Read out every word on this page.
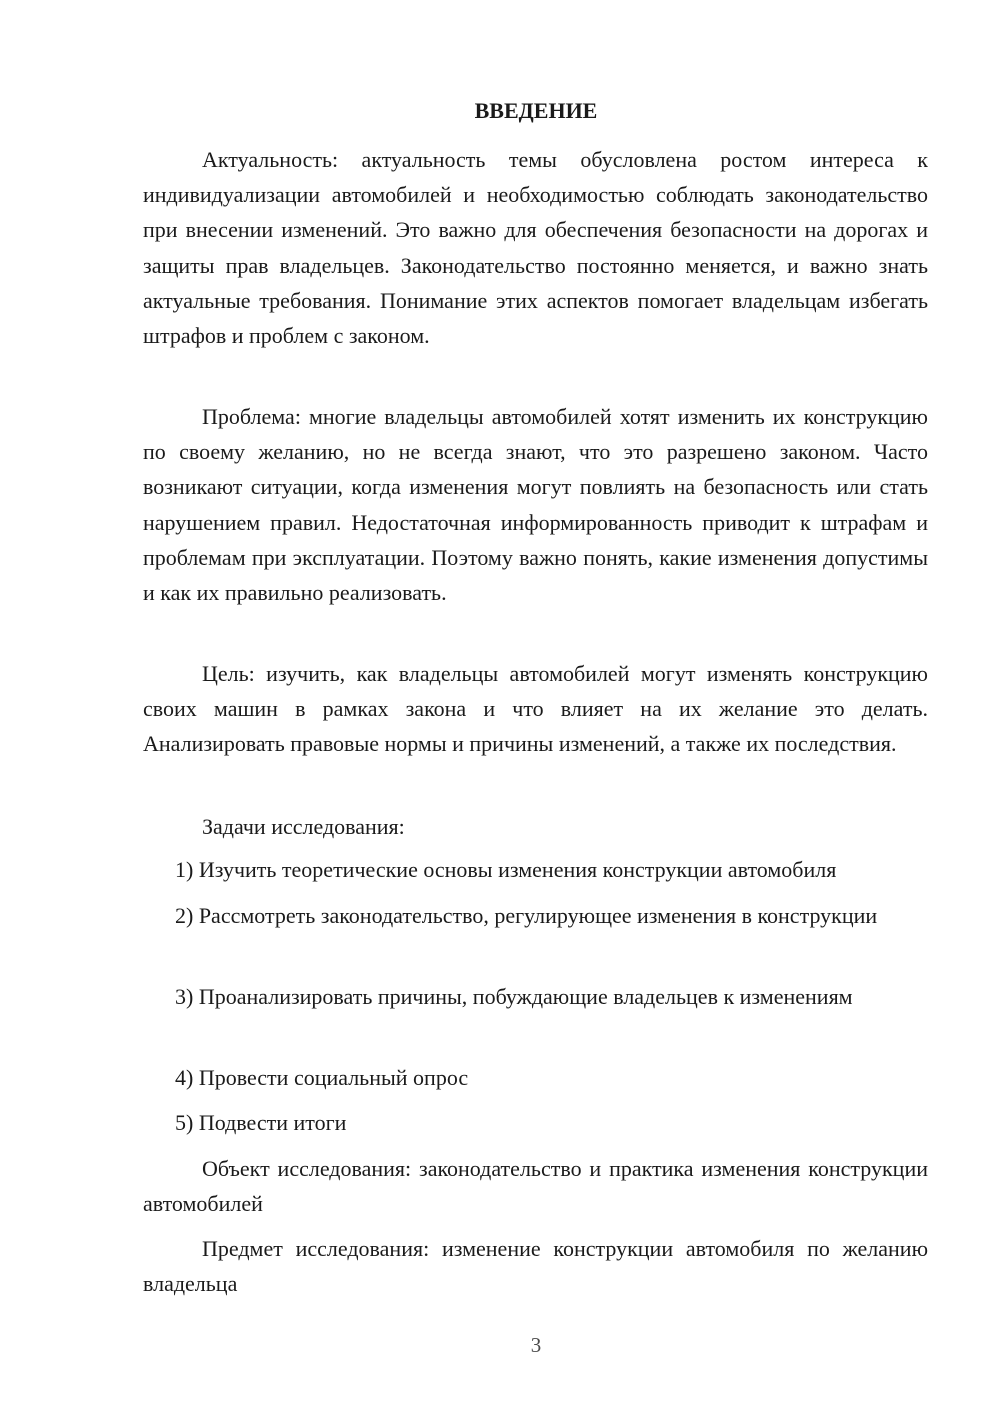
ВВЕДЕНИЕ

Актуальность: актуальность темы обусловлена ростом интереса к индивидуализации автомобилей и необходимостью соблюдать законодательство при внесении изменений. Это важно для обеспечения безопасности на дорогах и защиты прав владельцев. Законодательство постоянно меняется, и важно знать актуальные требования. Понимание этих аспектов помогает владельцам избегать штрафов и проблем с законом.

Проблема: многие владельцы автомобилей хотят изменить их конструкцию по своему желанию, но не всегда знают, что это разрешено законом. Часто возникают ситуации, когда изменения могут повлиять на безопасность или стать нарушением правил. Недостаточная информированность приводит к штрафам и проблемам при эксплуатации. Поэтому важно понять, какие изменения допустимы и как их правильно реализовать.

Цель: изучить, как владельцы автомобилей могут изменять конструкцию своих машин в рамках закона и что влияет на их желание это делать. Анализировать правовые нормы и причины изменений, а также их последствия.

Задачи исследования:

1) Изучить теоретические основы изменения конструкции автомобиля

2) Рассмотреть законодательство, регулирующее изменения в конструкции

3) Проанализировать причины, побуждающие владельцев к изменениям

4) Провести социальный опрос

5) Подвести итоги

Объект исследования: законодательство и практика изменения конструкции автомобилей

Предмет исследования: изменение конструкции автомобиля по желанию владельца

3
